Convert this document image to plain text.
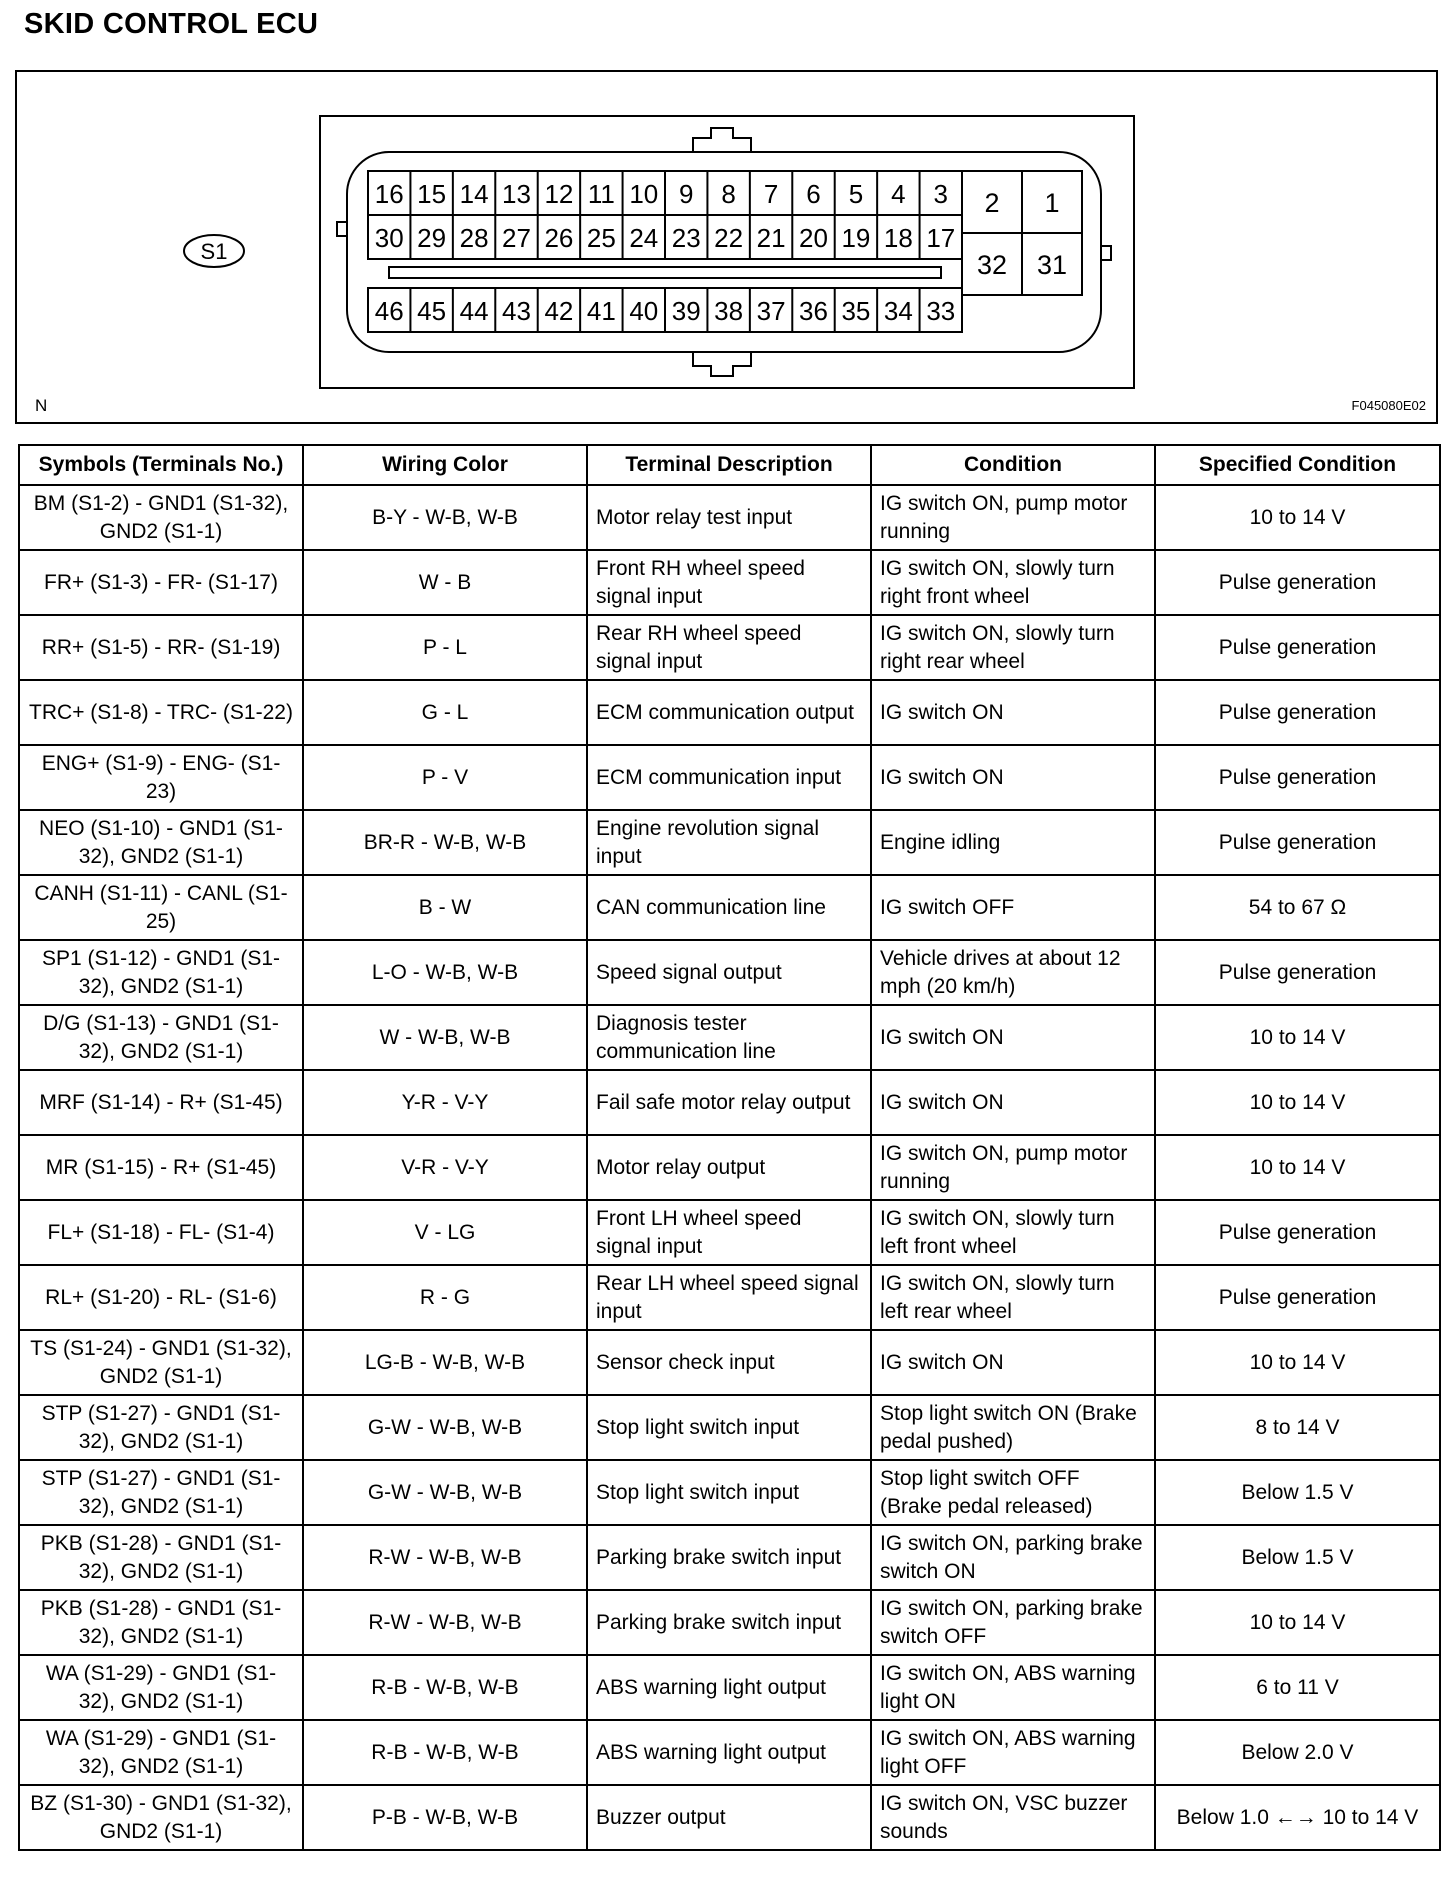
SKID CONTROL ECU
16 15 14 13 12 11 10 9 8 7 6 5 4 3
30 29 28 27 26 25 24 23 22 21 20 19 18 17
46 45 44 43 42 41 40 39 38 37 36 35 34 33
2 1
32 31
S1
N	F045080E02
Symbols (Terminals No.)	Wiring Color	Terminal Description	Condition	Specified Condition
BM (S1-2) - GND1 (S1-32), GND2 (S1-1)	B-Y - W-B, W-B	Motor relay test input	IG switch ON, pump motor running	10 to 14 V
FR+ (S1-3) - FR- (S1-17)	W - B	Front RH wheel speed signal input	IG switch ON, slowly turn right front wheel	Pulse generation
RR+ (S1-5) - RR- (S1-19)	P - L	Rear RH wheel speed signal input	IG switch ON, slowly turn right rear wheel	Pulse generation
TRC+ (S1-8) - TRC- (S1-22)	G - L	ECM communication output	IG switch ON	Pulse generation
ENG+ (S1-9) - ENG- (S1-23)	P - V	ECM communication input	IG switch ON	Pulse generation
NEO (S1-10) - GND1 (S1-32), GND2 (S1-1)	BR-R - W-B, W-B	Engine revolution signal input	Engine idling	Pulse generation
CANH (S1-11) - CANL (S1-25)	B - W	CAN communication line	IG switch OFF	54 to 67 Ω
SP1 (S1-12) - GND1 (S1-32), GND2 (S1-1)	L-O - W-B, W-B	Speed signal output	Vehicle drives at about 12 mph (20 km/h)	Pulse generation
D/G (S1-13) - GND1 (S1-32), GND2 (S1-1)	W - W-B, W-B	Diagnosis tester communication line	IG switch ON	10 to 14 V
MRF (S1-14) - R+ (S1-45)	Y-R - V-Y	Fail safe motor relay output	IG switch ON	10 to 14 V
MR (S1-15) - R+ (S1-45)	V-R - V-Y	Motor relay output	IG switch ON, pump motor running	10 to 14 V
FL+ (S1-18) - FL- (S1-4)	V - LG	Front LH wheel speed signal input	IG switch ON, slowly turn left front wheel	Pulse generation
RL+ (S1-20) - RL- (S1-6)	R - G	Rear LH wheel speed signal input	IG switch ON, slowly turn left rear wheel	Pulse generation
TS (S1-24) - GND1 (S1-32), GND2 (S1-1)	LG-B - W-B, W-B	Sensor check input	IG switch ON	10 to 14 V
STP (S1-27) - GND1 (S1-32), GND2 (S1-1)	G-W - W-B, W-B	Stop light switch input	Stop light switch ON (Brake pedal pushed)	8 to 14 V
STP (S1-27) - GND1 (S1-32), GND2 (S1-1)	G-W - W-B, W-B	Stop light switch input	Stop light switch OFF (Brake pedal released)	Below 1.5 V
PKB (S1-28) - GND1 (S1-32), GND2 (S1-1)	R-W - W-B, W-B	Parking brake switch input	IG switch ON, parking brake switch ON	Below 1.5 V
PKB (S1-28) - GND1 (S1-32), GND2 (S1-1)	R-W - W-B, W-B	Parking brake switch input	IG switch ON, parking brake switch OFF	10 to 14 V
WA (S1-29) - GND1 (S1-32), GND2 (S1-1)	R-B - W-B, W-B	ABS warning light output	IG switch ON, ABS warning light ON	6 to 11 V
WA (S1-29) - GND1 (S1-32), GND2 (S1-1)	R-B - W-B, W-B	ABS warning light output	IG switch ON, ABS warning light OFF	Below 2.0 V
BZ (S1-30) - GND1 (S1-32), GND2 (S1-1)	P-B - W-B, W-B	Buzzer output	IG switch ON, VSC buzzer sounds	Below 1.0 ←→ 10 to 14 V
